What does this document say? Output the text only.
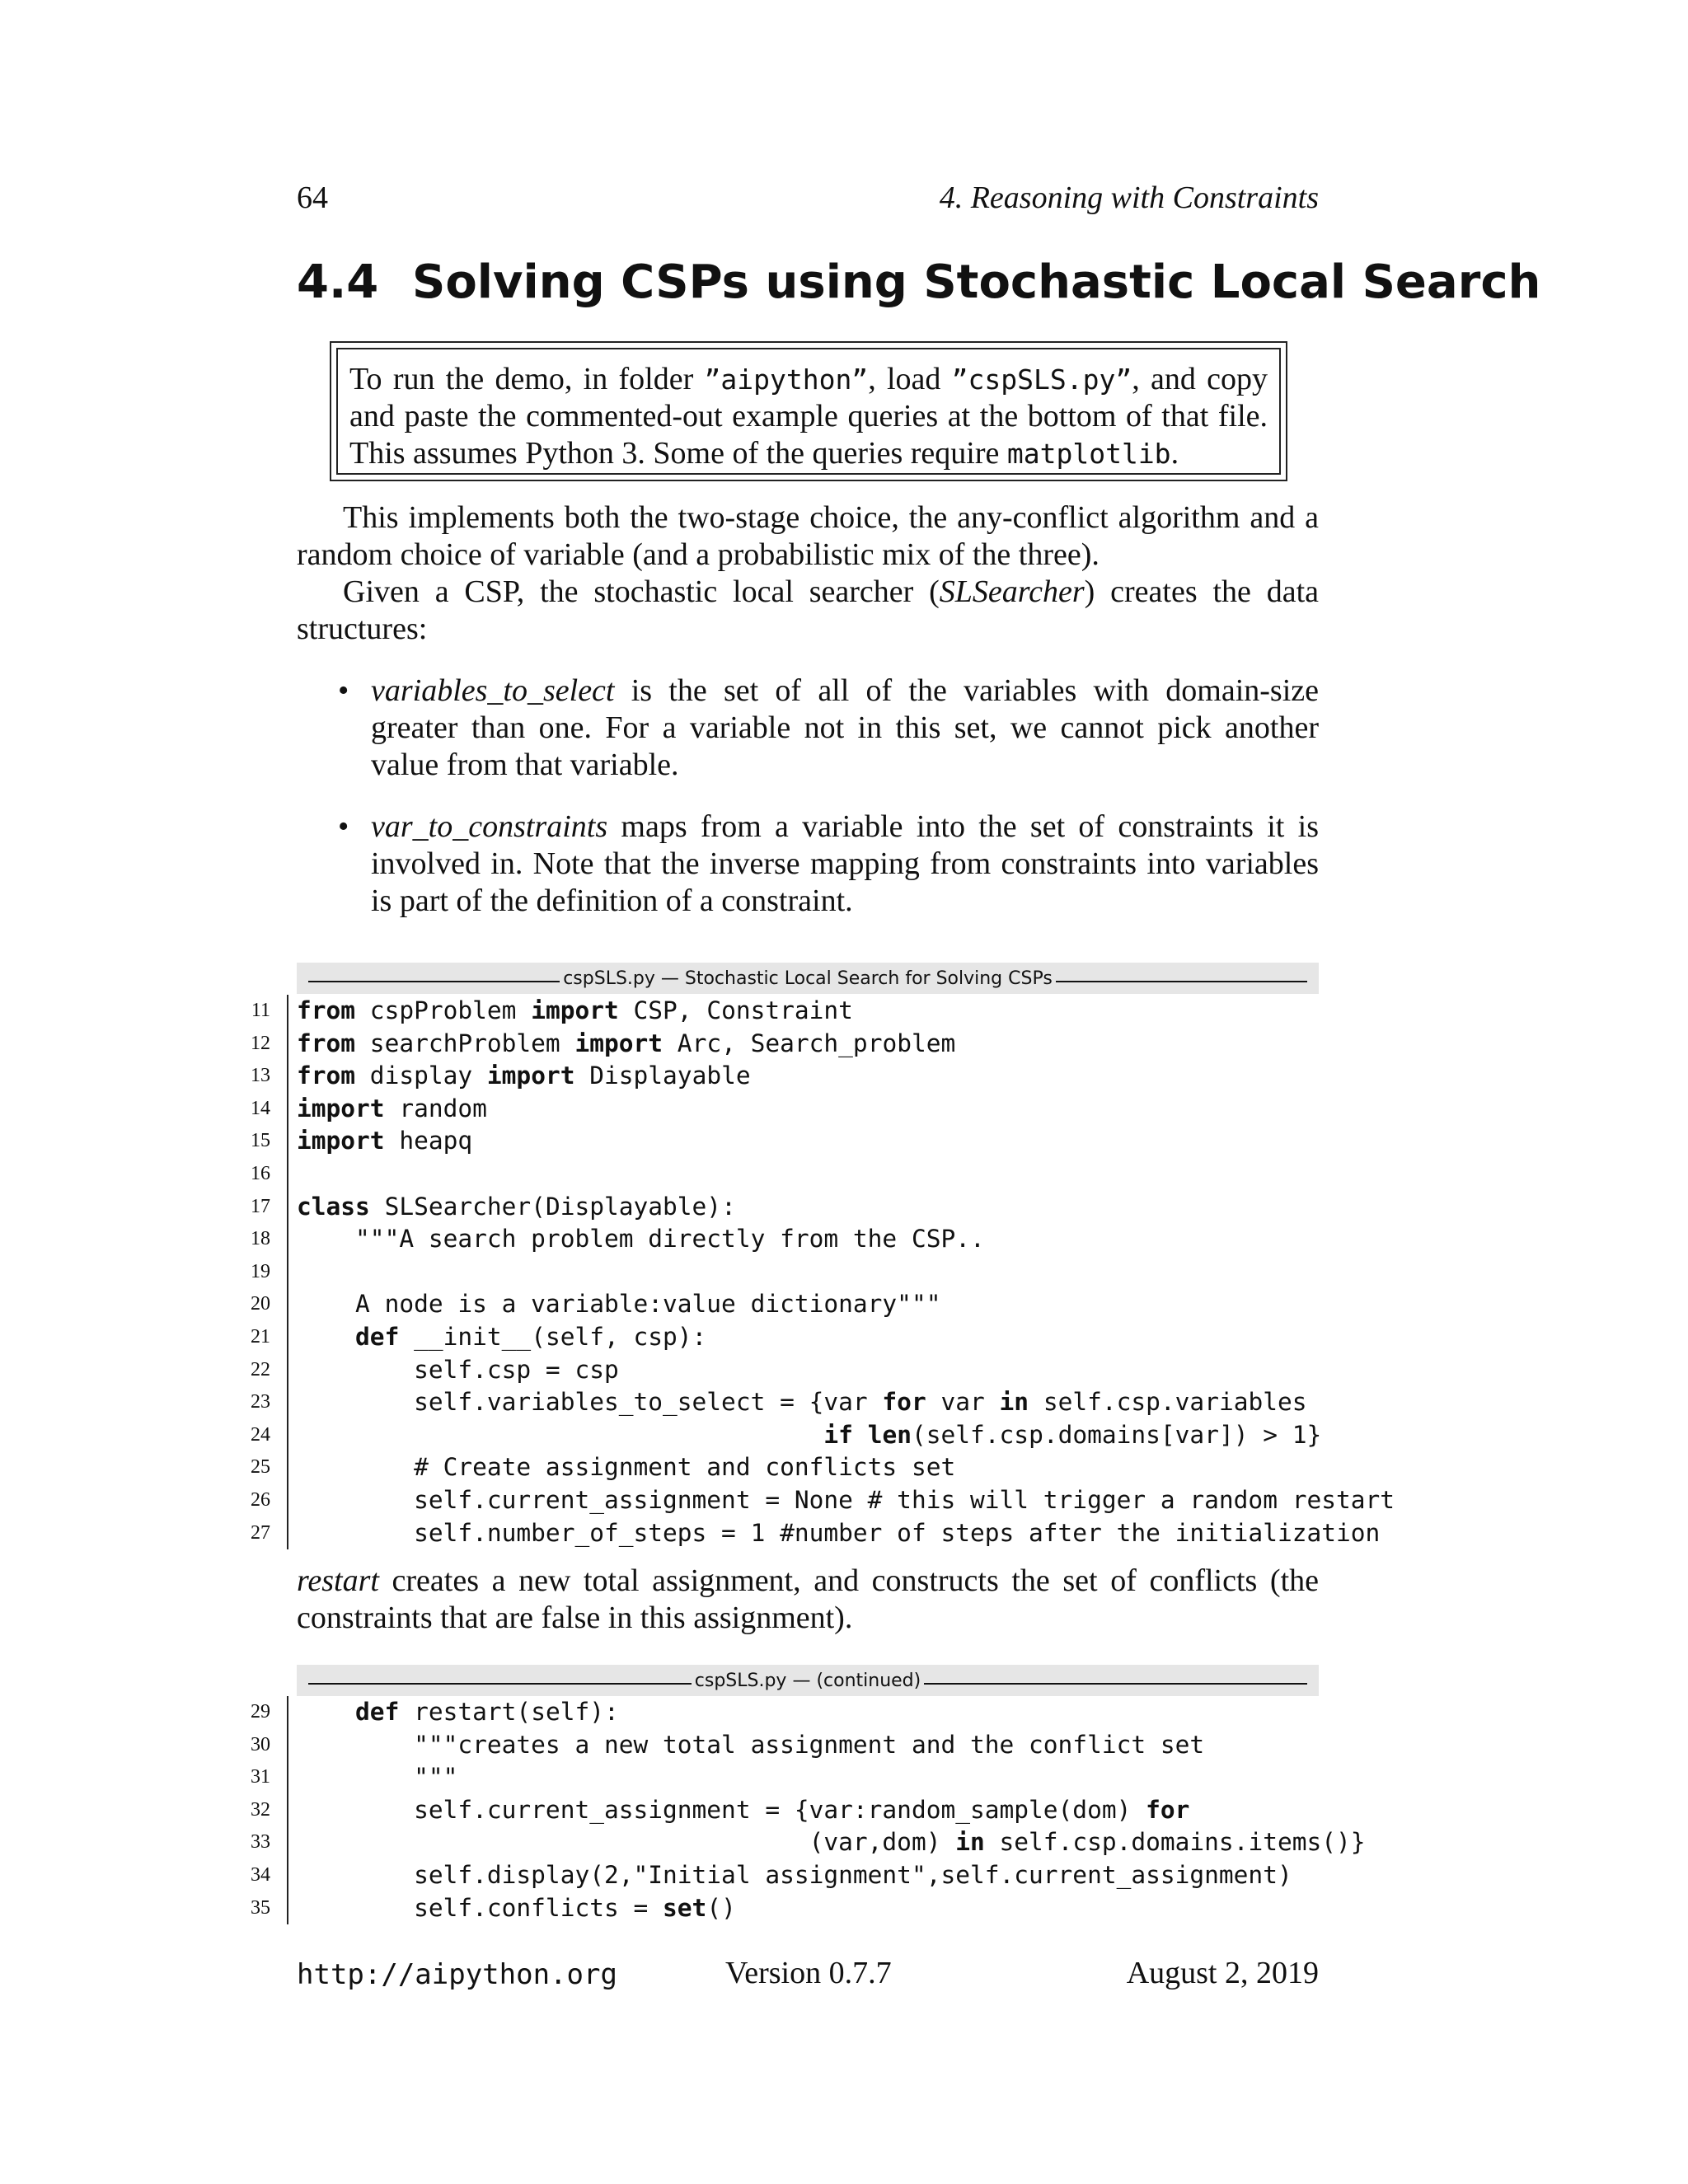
64	4. Reasoning with Constraints
4.4 Solving CSPs using Stochastic Local Search
To run the demo, in folder ”aipython”, load ”cspSLS.py”, and copy and paste the commented-out example queries at the bottom of that file. This assumes Python 3. Some of the queries require matplotlib.

This implements both the two-stage choice, the any-conflict algorithm and a random choice of variable (and a probabilistic mix of the three).

Given a CSP, the stochastic local searcher (SLSearcher) creates the data structures:

• variables_to_select is the set of all of the variables with domain-size greater than one. For a variable not in this set, we cannot pick another value from that variable.
• var_to_constraints maps from a variable into the set of constraints it is involved in. Note that the inverse mapping from constraints into variables is part of the definition of a constraint.
cspSLS.py — Stochastic Local Search for Solving CSPs
11 from cspProblem import CSP, Constraint
12 from searchProblem import Arc, Search_problem
13 from display import Displayable
14 import random
15 import heapq
16
17 class SLSearcher(Displayable):
18 """A search problem directly from the CSP..
19
20 A node is a variable:value dictionary"""
21	def __init__(self, csp):
22 self.csp = csp
23 self.variables_to_select = {var for var in self.csp.variables
24	if len(self.csp.domains[var]) > 1}
25 # Create assignment and conflicts set
26 self.current_assignment = None # this will trigger a random restart
27 self.number_of_steps = 1 #number of steps after the initialization

restart creates a new total assignment, and constructs the set of conflicts (the constraints that are false in this assignment).

cspSLS.py — (continued)
29	def restart(self):
30 """creates a new total assignment and the conflict set
31 """
32 self.current_assignment = {var:random_sample(dom) for
33 (var,dom) in self.csp.domains.items()}
34 self.display(2,"Initial assignment",self.current_assignment)
35 self.conflicts = set()
http://aipython.org	Version 0.7.7	August 2, 2019
